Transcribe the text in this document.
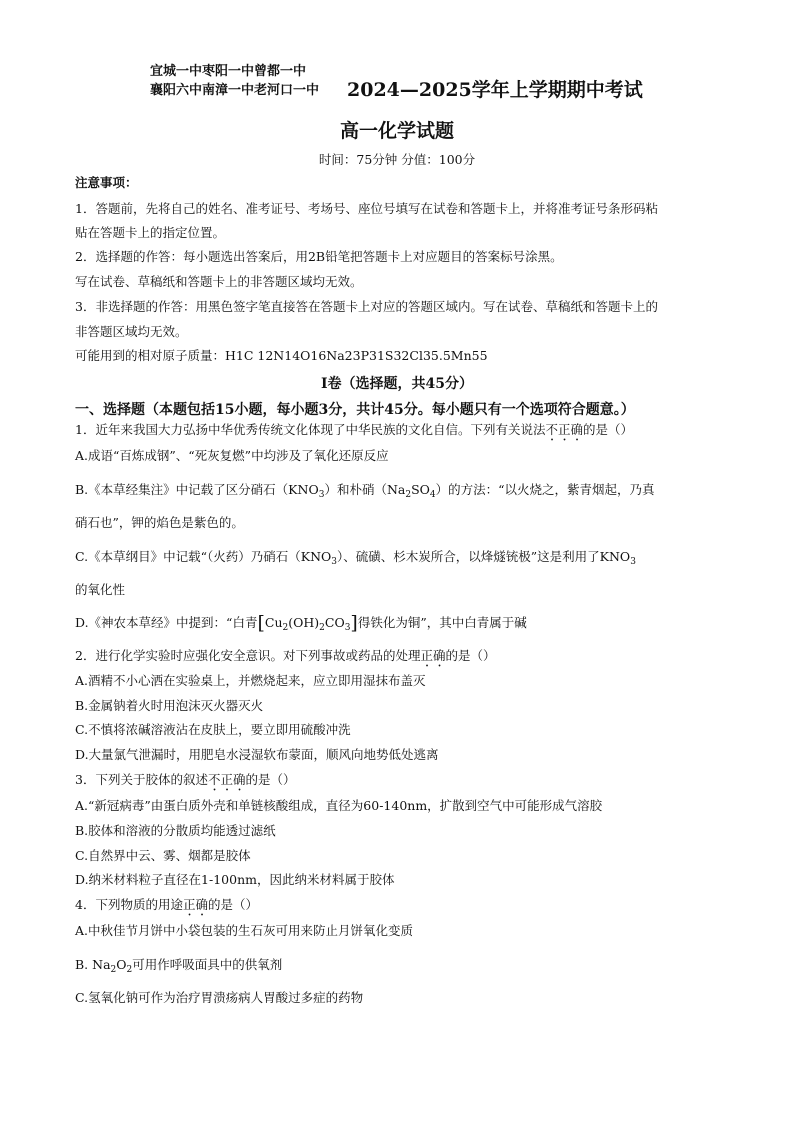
宜城一中枣阳一中曾都一中
襄阳六中南漳一中老河口一中 2024—2025学年上学期期中考试
高一化学试题
时间：75分钟 分值：100分
注意事项：
1．答题前，先将自己的姓名、准考证号、考场号、座位号填写在试卷和答题卡上，并将准考证号条形码粘
贴在答题卡上的指定位置。
2．选择题的作答：每小题选出答案后，用2B铅笔把答题卡上对应题目的答案标号涂黑。
写在试卷、草稿纸和答题卡上的非答题区域均无效。
3．非选择题的作答：用黑色签字笔直接答在答题卡上对应的答题区域内。写在试卷、草稿纸和答题卡上的
非答题区域均无效。
可能用到的相对原子质量：H1C 12N14O16Na23P31S32Cl35.5Mn55
Ⅰ卷（选择题，共45分）
一、选择题（本题包括15小题，每小题3分，共计45分。每小题只有一个选项符合题意。）
1．近年来我国大力弘扬中华优秀传统文化体现了中华民族的文化自信。下列有关说法不正确的是（）
A.成语“百炼成钢”、“死灰复燃”中均涉及了氧化还原反应
B.《本草经集注》中记载了区分硝石$(KNO_3)$和朴硝$(Na_2SO_4)$的方法：“以火烧之，紫青烟起，乃真
硝石也”，钾的焰色是紫色的。
C.《本草纲目》中记载“（火药）乃硝石$(KNO_3)$、硫磺、杉木炭所合，以烽燧铳极”这是利用了$KNO_3$
的氧化性
D.《神农本草经》中提到：“白青$[Cu_2(OH)_2CO_3]$得铁化为铜”，其中白青属于碱
2．进行化学实验时应强化安全意识。对下列事故或药品的处理正确的是（）
A.酒精不小心洒在实验桌上，并燃烧起来，应立即用湿抹布盖灭
B.金属钠着火时用泡沫灭火器灭火
C.不慎将浓碱溶液沾在皮肤上，要立即用硫酸冲洗
D.大量氯气泄漏时，用肥皂水浸湿软布蒙面，顺风向地势低处逃离
3．下列关于胶体的叙述不正确的是（）
A.“新冠病毒”由蛋白质外壳和单链核酸组成，直径为60-140nm，扩散到空气中可能形成气溶胶
B.胶体和溶液的分散质均能透过滤纸
C.自然界中云、雾、烟都是胶体
D.纳米材料粒子直径在1-100nm，因此纳米材料属于胶体
4．下列物质的用途正确的是（）
A.中秋佳节月饼中小袋包装的生石灰可用来防止月饼氧化变质
B. $Na_2O_2$可用作呼吸面具中的供氧剂
C.氢氧化钠可作为治疗胃溃疡病人胃酸过多症的药物
